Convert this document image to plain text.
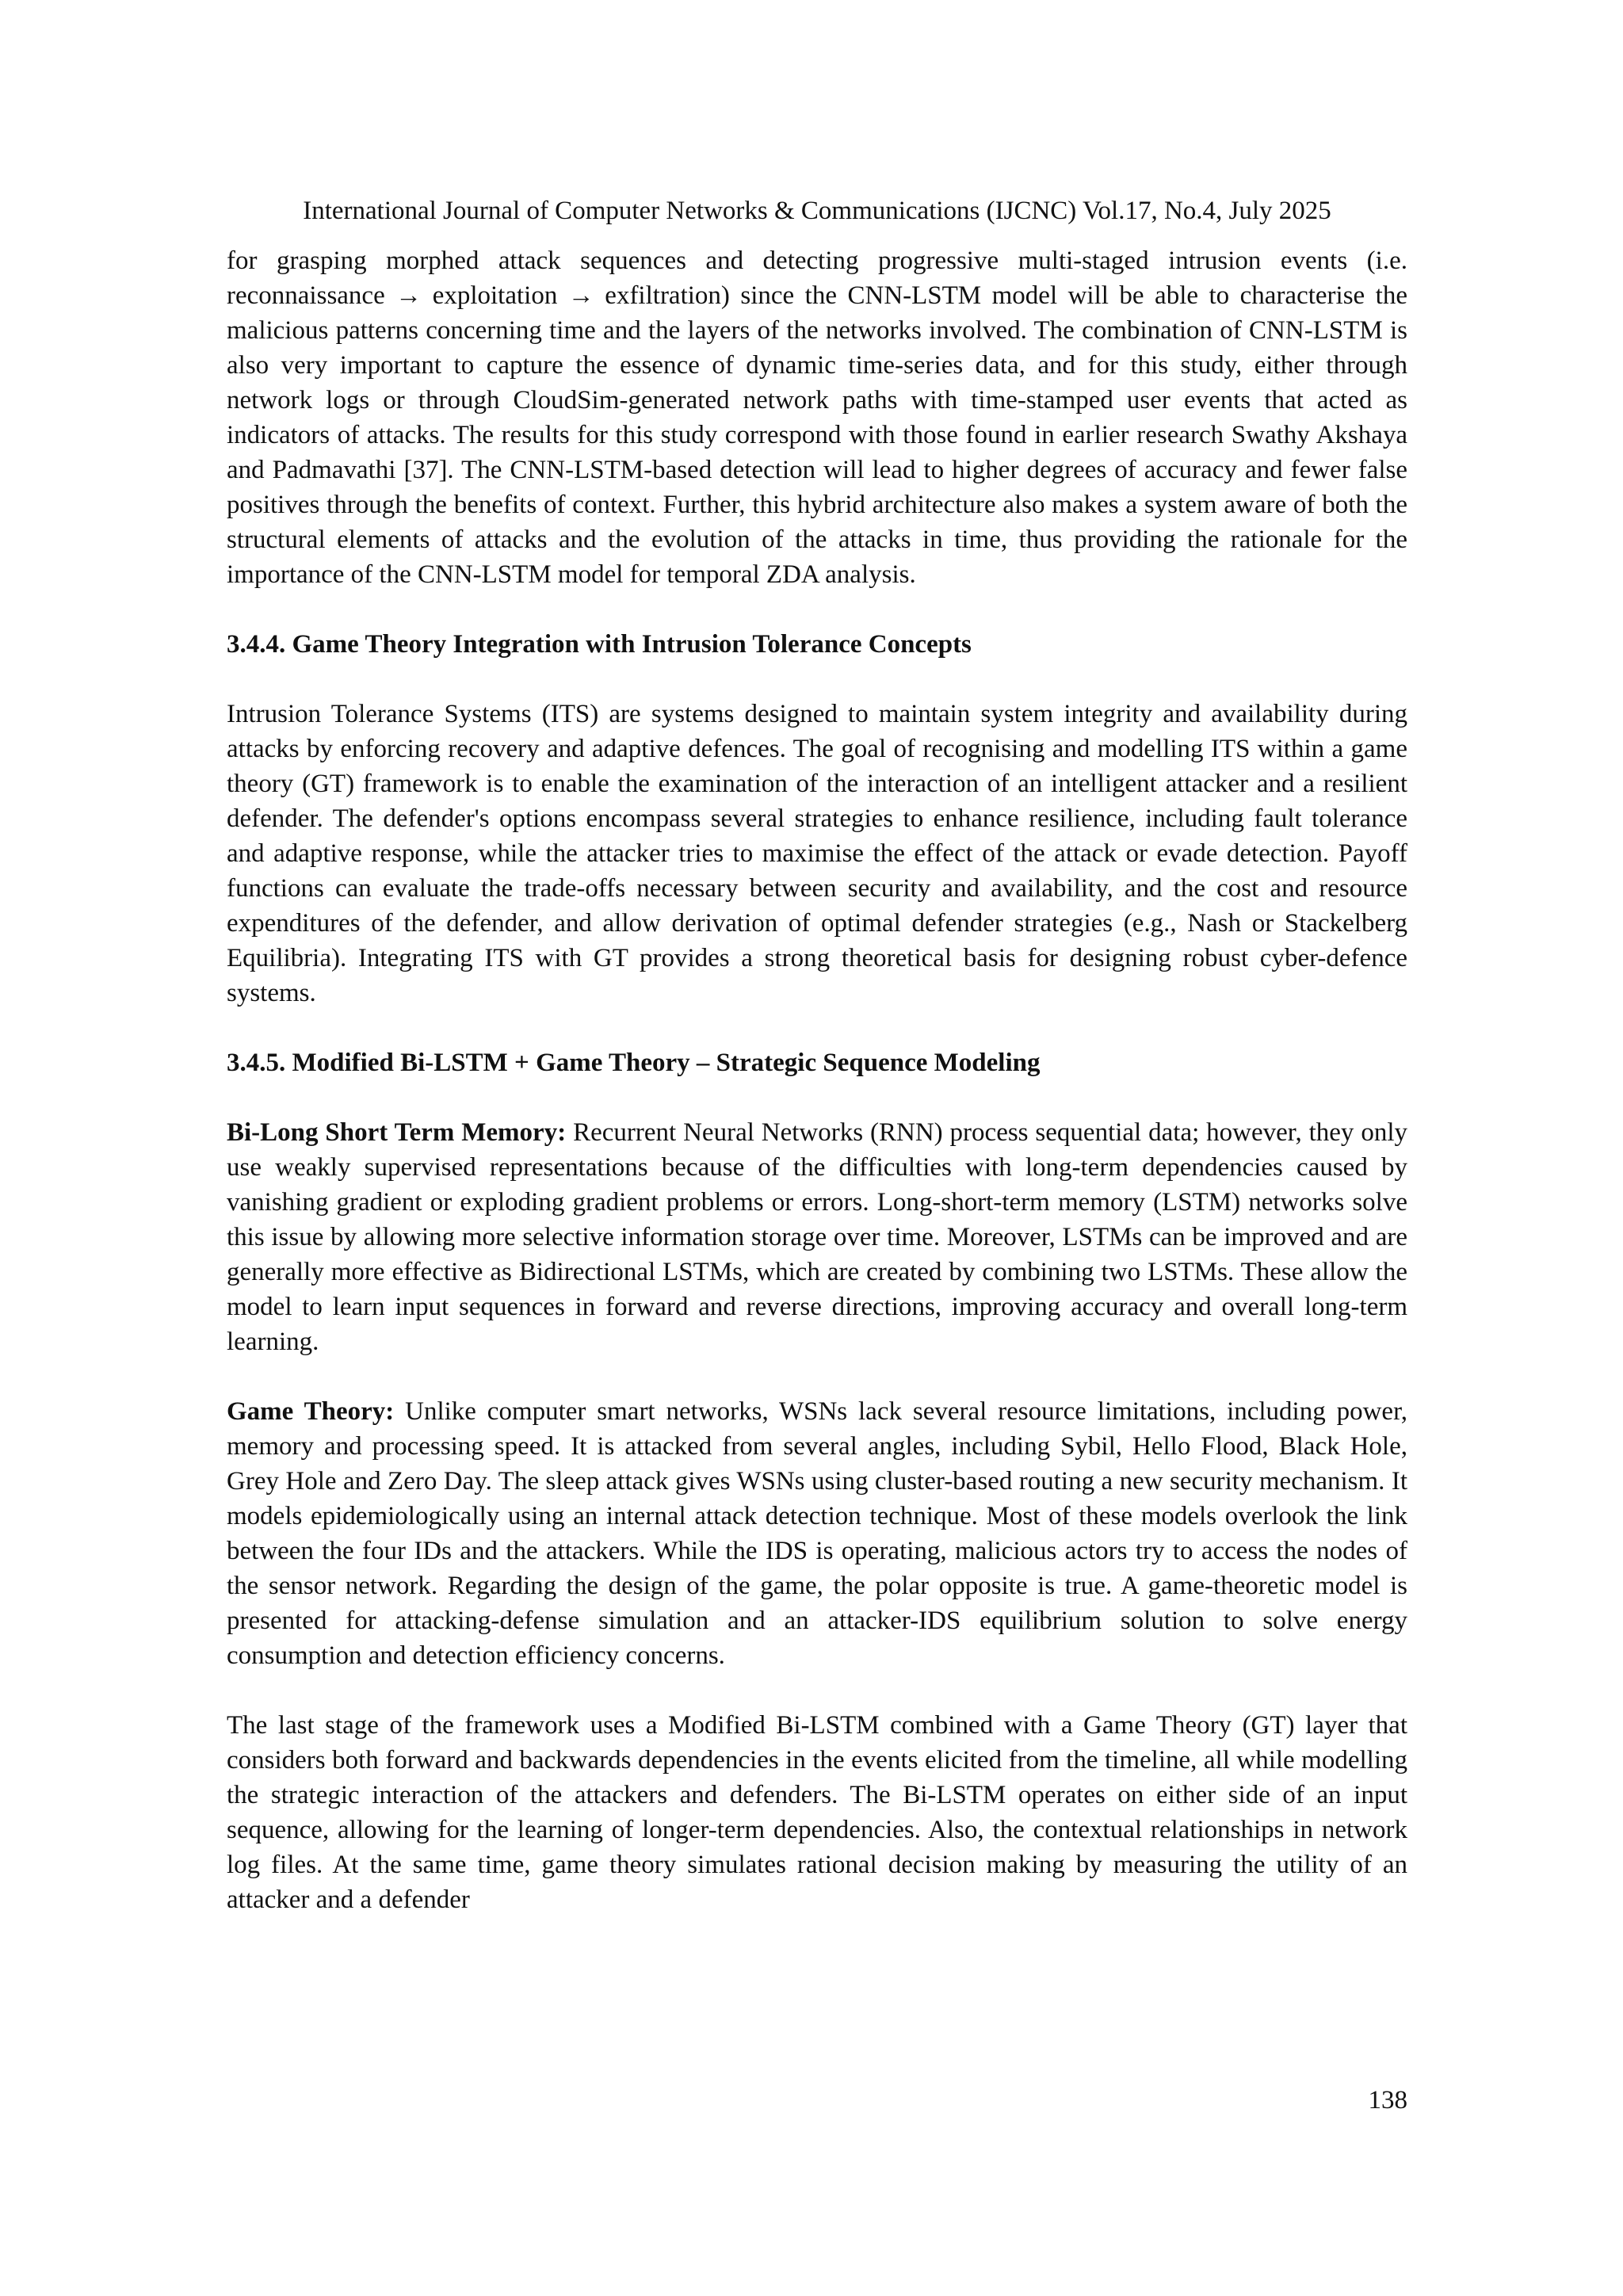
International Journal of Computer Networks & Communications (IJCNC) Vol.17, No.4, July 2025

for grasping morphed attack sequences and detecting progressive multi-staged intrusion events (i.e. reconnaissance → exploitation → exfiltration) since the CNN-LSTM model will be able to characterise the malicious patterns concerning time and the layers of the networks involved. The combination of CNN-LSTM is also very important to capture the essence of dynamic time-series data, and for this study, either through network logs or through CloudSim-generated network paths with time-stamped user events that acted as indicators of attacks. The results for this study correspond with those found in earlier research Swathy Akshaya and Padmavathi [37]. The CNN-LSTM-based detection will lead to higher degrees of accuracy and fewer false positives through the benefits of context. Further, this hybrid architecture also makes a system aware of both the structural elements of attacks and the evolution of the attacks in time, thus providing the rationale for the importance of the CNN-LSTM model for temporal ZDA analysis.

3.4.4. Game Theory Integration with Intrusion Tolerance Concepts

Intrusion Tolerance Systems (ITS) are systems designed to maintain system integrity and availability during attacks by enforcing recovery and adaptive defences. The goal of recognising and modelling ITS within a game theory (GT) framework is to enable the examination of the interaction of an intelligent attacker and a resilient defender. The defender's options encompass several strategies to enhance resilience, including fault tolerance and adaptive response, while the attacker tries to maximise the effect of the attack or evade detection. Payoff functions can evaluate the trade-offs necessary between security and availability, and the cost and resource expenditures of the defender, and allow derivation of optimal defender strategies (e.g., Nash or Stackelberg Equilibria). Integrating ITS with GT provides a strong theoretical basis for designing robust cyber-defence systems.

3.4.5. Modified Bi-LSTM + Game Theory – Strategic Sequence Modeling

Bi-Long Short Term Memory: Recurrent Neural Networks (RNN) process sequential data; however, they only use weakly supervised representations because of the difficulties with long-term dependencies caused by vanishing gradient or exploding gradient problems or errors. Long-short-term memory (LSTM) networks solve this issue by allowing more selective information storage over time. Moreover, LSTMs can be improved and are generally more effective as Bidirectional LSTMs, which are created by combining two LSTMs. These allow the model to learn input sequences in forward and reverse directions, improving accuracy and overall long-term learning.

Game Theory: Unlike computer smart networks, WSNs lack several resource limitations, including power, memory and processing speed. It is attacked from several angles, including Sybil, Hello Flood, Black Hole, Grey Hole and Zero Day. The sleep attack gives WSNs using cluster-based routing a new security mechanism. It models epidemiologically using an internal attack detection technique. Most of these models overlook the link between the four IDs and the attackers. While the IDS is operating, malicious actors try to access the nodes of the sensor network. Regarding the design of the game, the polar opposite is true. A game-theoretic model is presented for attacking-defense simulation and an attacker-IDS equilibrium solution to solve energy consumption and detection efficiency concerns.

The last stage of the framework uses a Modified Bi-LSTM combined with a Game Theory (GT) layer that considers both forward and backwards dependencies in the events elicited from the timeline, all while modelling the strategic interaction of the attackers and defenders. The Bi-LSTM operates on either side of an input sequence, allowing for the learning of longer-term dependencies. Also, the contextual relationships in network log files. At the same time, game theory simulates rational decision making by measuring the utility of an attacker and a defender

138
